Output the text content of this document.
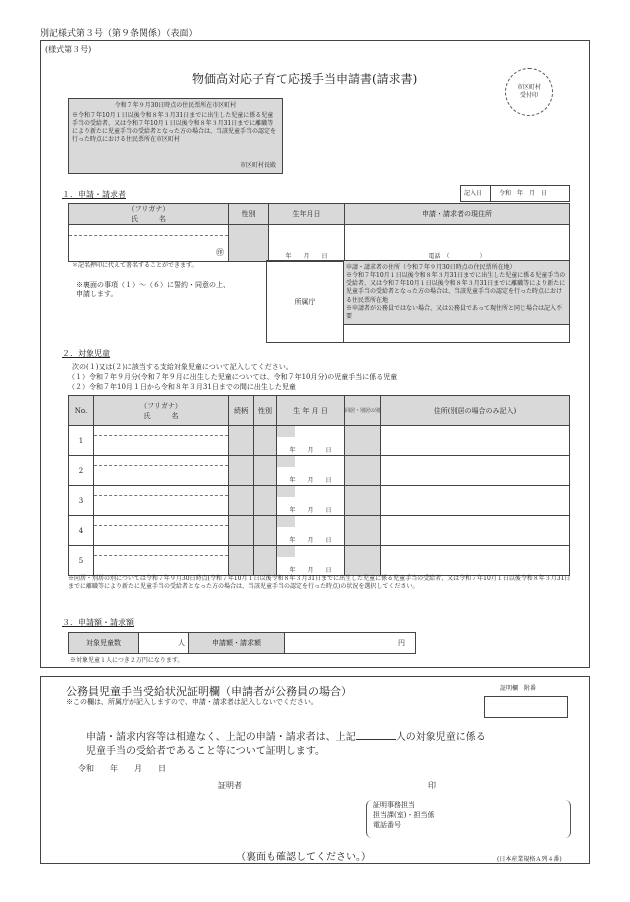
別記様式第３号（第９条関係）（表面）
(様式第３号)
物価高対応子育て応援手当申請書(請求書)
市区町村
受付印
令和７年９月30日時点の住民票所在市区町村
※令和７年10月１日以後令和８年３月31日までに出生した児童に係る児童手当の受給者、又は令和７年10月１日以後令和８年３月31日までに離職等により新たに児童手当の受給者となった方の場合は、当該児童手当の認定を行った時点における住民票所在市区町村
市区町村長殿
１．申請・請求者	記入日	令和　年　月　日
（フリガナ）
氏　　　名	性別	生年月日	申請・請求者の現住所

㊞		年　　月　　日	電話　（　　　　　）
＊記名押印に代えて署名することができます。
※裏面の事項（１）～（６）に誓約・同意の上、
申請します。
所属庁	
申請・請求者の住所（令和７年９月30日時点の住民票所在地）
※令和７年10月１日以後令和８年３月31日までに出生した児童に係る児童手当の受給者、又は令和７年10月１日以後令和８年３月31日までに離職等により新たに児童手当の受給者となった方の場合は、当該児童手当の認定を行った時点における住民票所在地
※申請者が公務員ではない場合、又は公務員であって現住所と同じ場合は記入不要

２．対象児童
次の(１)又は(２)に該当する支給対象児童について記入してください。
（１）令和７年９月分(令和７年９月に出生した児童については、令和７年10月分)の児童手当に係る児童
（２）令和７年10月１日から令和８年３月31日までの間に出生した児童
No.	（フリガナ）
氏　　　名	続柄	性別	生 年 月 日	同居・別居の別	住所(別居の場合のみ記入)
1				年　　月　　日		
2				年　　月　　日		
3				年　　月　　日		
4				年　　月　　日		
5				年　　月　　日		
※同居・別居の別については令和７年９月30日時点(令和７年10月１日以後令和８年３月31日までに出生した児童に係る児童手当の受給者、又は令和７年10月１日以後令和８年３月31日までに離職等により新たに児童手当の受給者となった方の場合は、当該児童手当の認定を行った時点)の状況を選択してください。
３．申請額・請求額
対象児童数	人	申請額・請求額	円
※対象児童１人につき２万円になります。
公務員児童手当受給状況証明欄（申請者が公務員の場合）
※この欄は、所属庁が記入しますので、申請・請求者は記入しないでください。
証明欄　附番
申請・請求内容等は相違なく、上記の申請・請求者は、上記	人の対象児童に係る
児童手当の受給者であること等について証明します。
令和　　年　　月　　日
証明者	印
証明事務担当
担当課(室)・担当係
電話番号
（裏面も確認してください。）	(日本産業規格Ａ列４番)
